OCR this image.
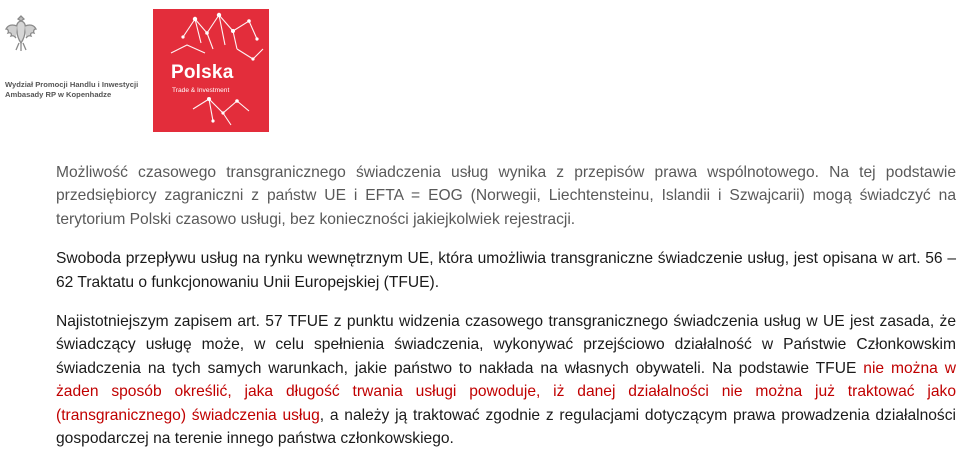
Wydział Promocji Handlu i Inwestycji
Ambasady RP w Kopenhadze
Polska
Trade & Investment

Możliwość czasowego transgranicznego świadczenia usług wynika z przepisów prawa wspólnotowego. Na tej podstawie przedsiębiorcy zagraniczni z państw UE i EFTA = EOG (Norwegii, Liechtensteinu, Islandii i Szwajcarii) mogą świadczyć na terytorium Polski czasowo usługi, bez konieczności jakiejkolwiek rejestracji.

Swoboda przepływu usług na rynku wewnętrznym UE, która umożliwia transgraniczne świadczenie usług, jest opisana w art. 56 – 62 Traktatu o funkcjonowaniu Unii Europejskiej (TFUE).

Najistotniejszym zapisem art. 57 TFUE z punktu widzenia czasowego transgranicznego świadczenia usług w UE jest zasada, że świadczący usługę może, w celu spełnienia świadczenia, wykonywać przejściowo działalność w Państwie Członkowskim świadczenia na tych samych warunkach, jakie państwo to nakłada na własnych obywateli. Na podstawie TFUE nie można w żaden sposób określić, jaka długość trwania usługi powoduje, iż danej działalności nie można już traktować jako (transgranicznego) świadczenia usług, a należy ją traktować zgodnie z regulacjami dotyczącym prawa prowadzenia działalności gospodarczej na terenie innego państwa członkowskiego.
